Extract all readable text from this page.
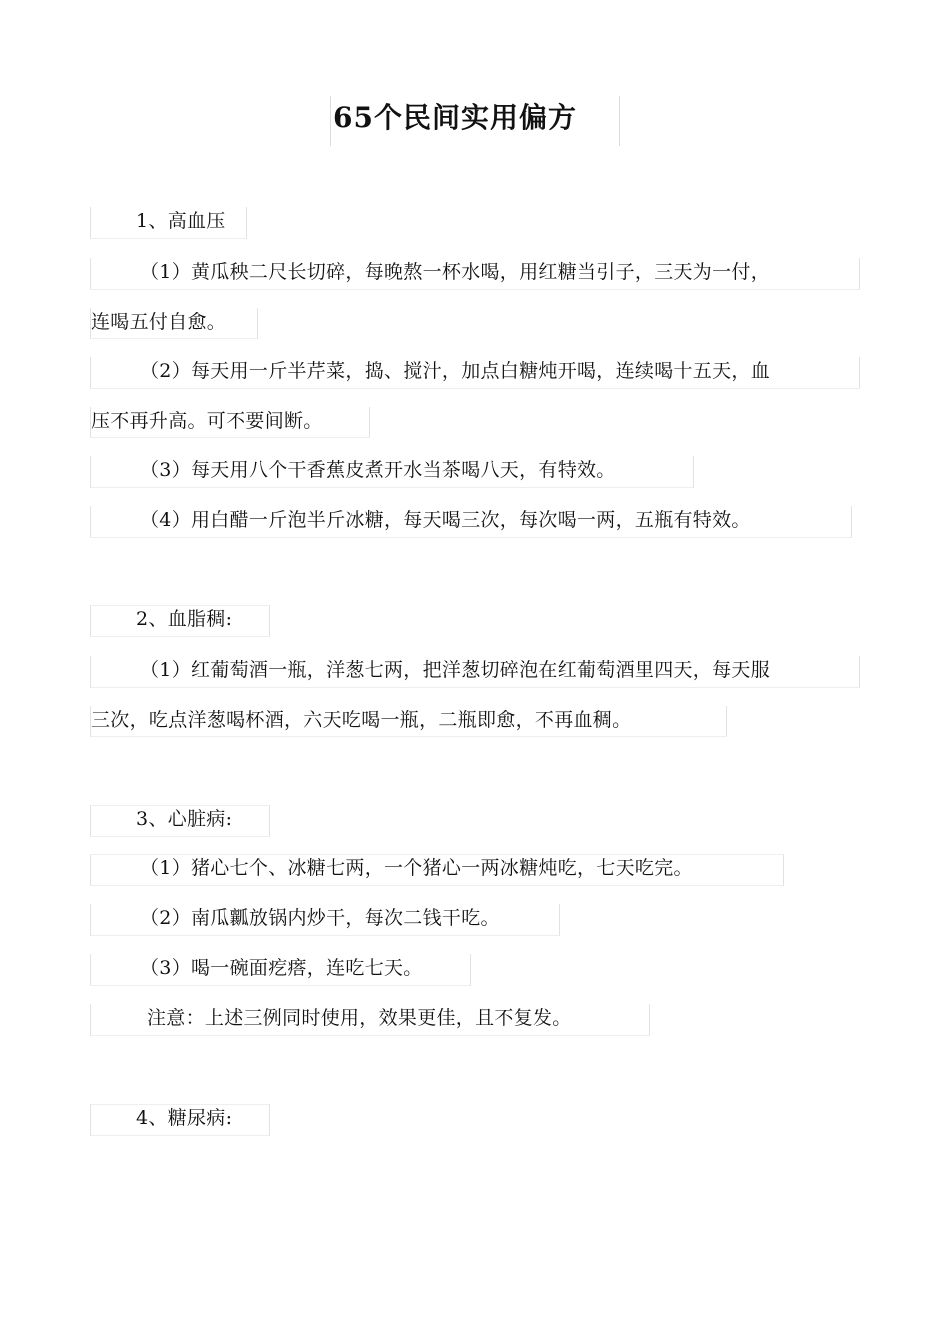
65个民间实用偏方
1、高血压
（1）黄瓜秧二尺长切碎，每晚熬一杯水喝，用红糖当引子，三天为一付，
连喝五付自愈。
（2）每天用一斤半芹菜，捣、搅汁，加点白糖炖开喝，连续喝十五天，血
压不再升高。可不要间断。
（3）每天用八个干香蕉皮煮开水当茶喝八天，有特效。
（4）用白醋一斤泡半斤冰糖，每天喝三次，每次喝一两，五瓶有特效。
2、血脂稠:
（1）红葡萄酒一瓶，洋葱七两，把洋葱切碎泡在红葡萄酒里四天，每天服
三次，吃点洋葱喝杯酒，六天吃喝一瓶，二瓶即愈，不再血稠。
3、心脏病:
（1）猪心七个、冰糖七两，一个猪心一两冰糖炖吃，七天吃完。
（2）南瓜瓤放锅内炒干，每次二钱干吃。
（3）喝一碗面疙瘩，连吃七天。
注意：上述三例同时使用，效果更佳，且不复发。
4、糖尿病:
